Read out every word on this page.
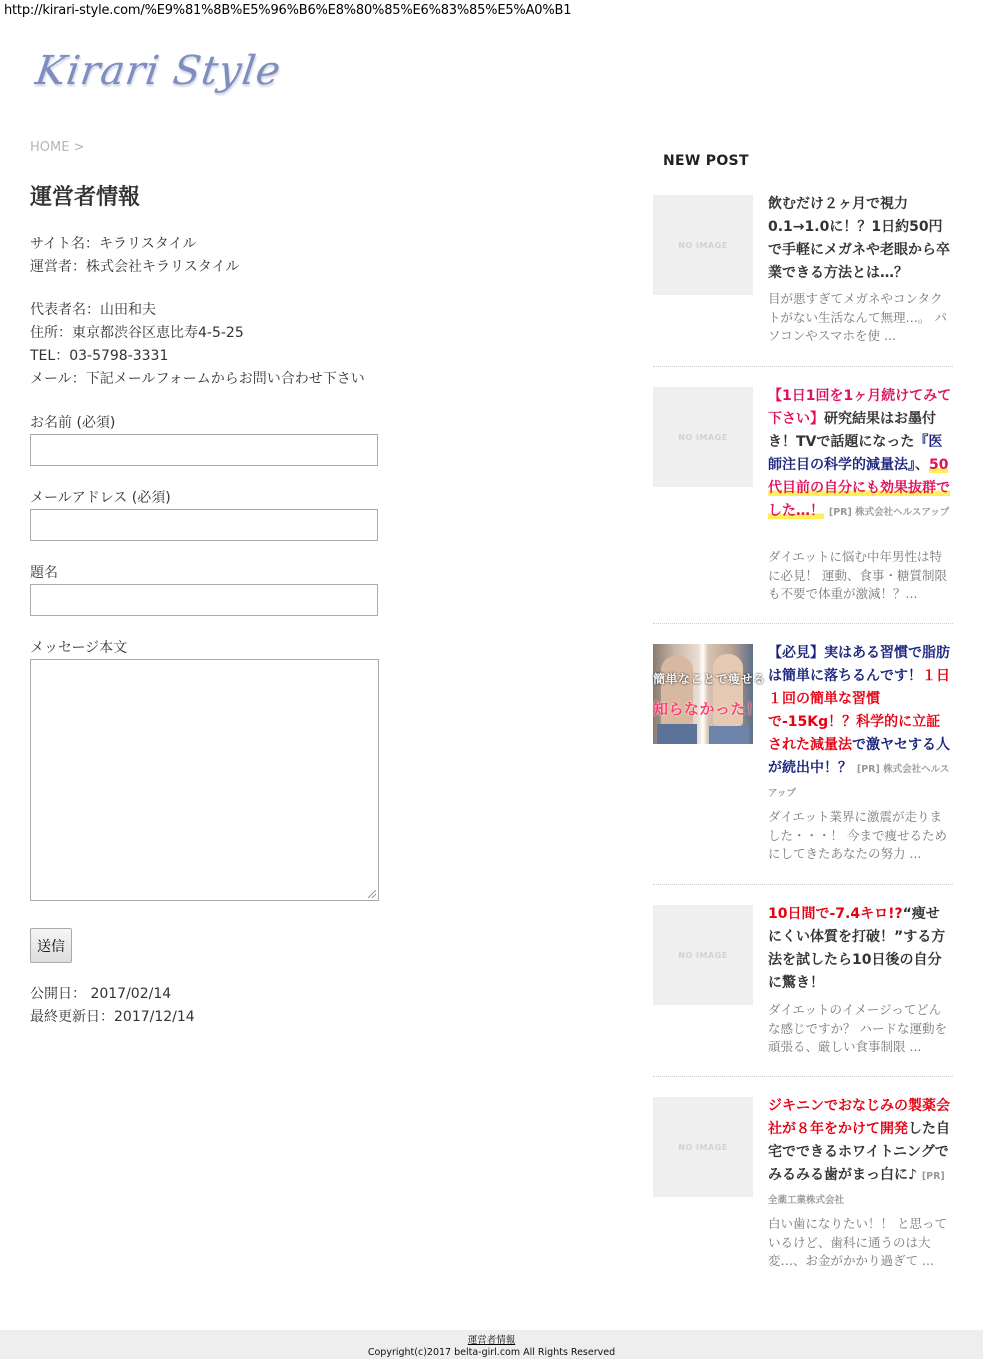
http://kirari-style.com/%E9%81%8B%E5%96%B6%E8%80%85%E6%83%85%E5%A0%B1
Kirari Style
HOME >
運営者情報
サイト名：キラリスタイル
運営者：株式会社キラリスタイル
代表者名：山田和夫
住所：東京都渋谷区恵比寿4-5-25
TEL：03-5798-3331
メール：下記メールフォームからお問い合わせ下さい
お名前 (必須)
メールアドレス (必須)
題名
メッセージ本文
送信
公開日： 2017/02/14
最終更新日：2017/12/14
NEW POST
NO IMAGE
飲むだけ２ヶ月で視力0.1→1.0に！？1日約50円で手軽にメガネや老眼から卒業できる方法とは…？
目が悪すぎてメガネやコンタクトがない生活なんて無理…。 パソコンやスマホを使 ...
NO IMAGE
【1日1回を1ヶ月続けてみて下さい】研究結果はお墨付き！TVで話題になった『医師注目の科学的減量法』、50代目前の自分にも効果抜群でした…！ [PR] 株式会社ヘルスアップ
ダイエットに悩む中年男性は特に必見！ 運動、食事・糖質制限も不要で体重が激減！？...
簡単なことで痩せる
知らなかった！
【必見】実はある習慣で脂肪は簡単に落ちるんです！１日１回の簡単な習慣で-15Kg！？科学的に立証された減量法で激ヤセする人が続出中！？ [PR] 株式会社ヘルスアップ
ダイエット業界に激震が走りました・・・！ 今まで痩せるためにしてきたあなたの努力 ...
NO IMAGE
10日間で-7.4キロ!?“痩せにくい体質を打破！”する方法を試したら10日後の自分に驚き！
ダイエットのイメージってどんな感じですか？ ハードな運動を頑張る、厳しい食事制限 ...
NO IMAGE
ジキニンでおなじみの製薬会社が８年をかけて開発した自宅でできるホワイトニングでみるみる歯がまっ白に♪ [PR] 全薬工業株式会社
白い歯になりたい！！ と思っているけど、歯科に通うのは大変…、お金がかかり過ぎて ...
運営者情報
Copyright(c)2017 belta-girl.com All Rights Reserved
